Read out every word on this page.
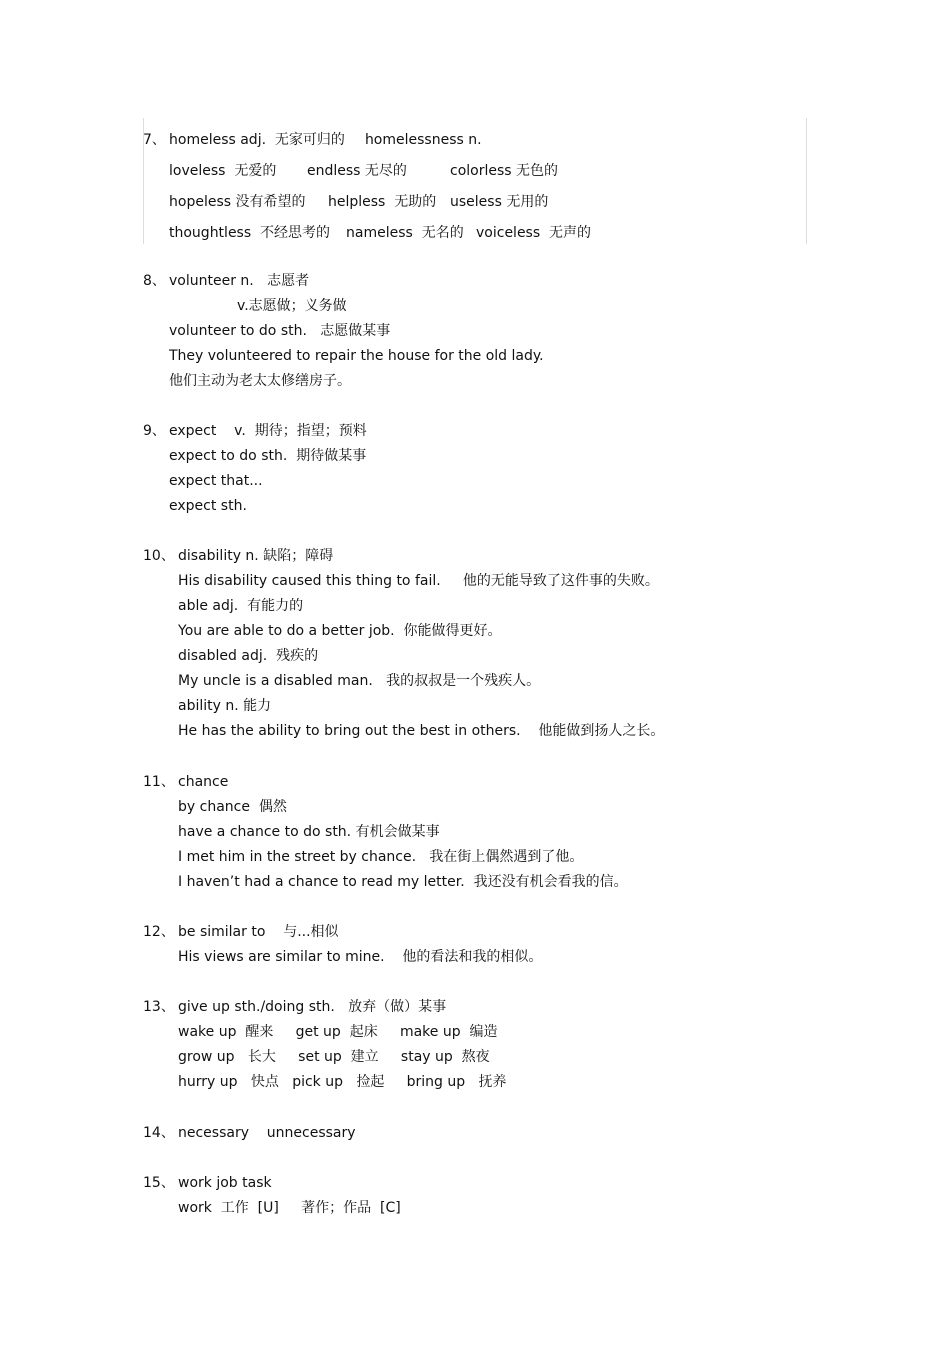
7、 homeless adj.  无家可归的 homelessness n.
loveless  无爱的 endless 无尽的	colorless 无色的
hopeless 没有希望的 helpless  无助的 useless 无用的
thoughtless  不经思考的 nameless  无名的 voiceless  无声的
8、 volunteer n.   志愿者
v.志愿做；义务做
volunteer to do sth.   志愿做某事
They volunteered to repair the house for the old lady.
他们主动为老太太修缮房子。
9、 expect    v.  期待；指望；预料
expect to do sth.  期待做某事
expect that...
expect sth.
10、 disability n. 缺陷；障碍
His disability caused this thing to fail.     他的无能导致了这件事的失败。
able adj.  有能力的
You are able to do a better job.  你能做得更好。
disabled adj.  残疾的
My uncle is a disabled man.   我的叔叔是一个残疾人。
ability n. 能力
He has the ability to bring out the best in others.    他能做到扬人之长。
11、 chance
by chance  偶然
have a chance to do sth. 有机会做某事
I met him in the street by chance.   我在街上偶然遇到了他。
I haven’t had a chance to read my letter.  我还没有机会看我的信。
12、 be similar to    与...相似
His views are similar to mine.    他的看法和我的相似。
13、 give up sth./doing sth.   放弃（做）某事
wake up  醒来     get up  起床     make up  编造
grow up   长大     set up  建立     stay up  熬夜
hurry up   快点   pick up   捡起     bring up   抚养
14、 necessary    unnecessary
15、 work job task
work  工作  [U]     著作；作品  [C]
